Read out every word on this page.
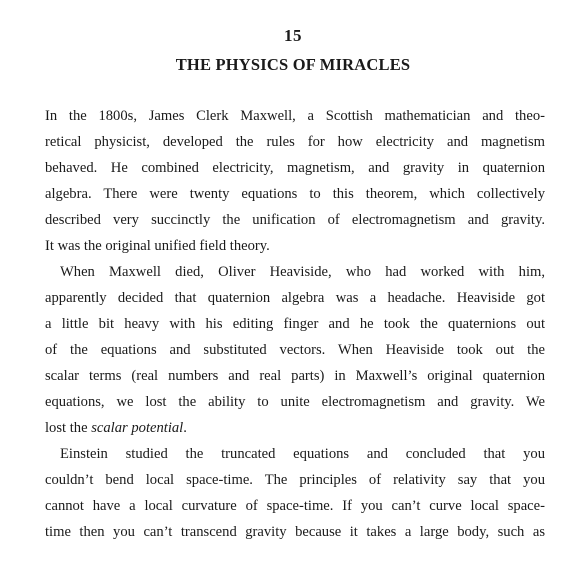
15
THE PHYSICS OF MIRACLES
In the 1800s, James Clerk Maxwell, a Scottish mathematician and theo-
retical physicist, developed the rules for how electricity and magnetism
behaved. He combined electricity, magnetism, and gravity in quaternion
algebra. There were twenty equations to this theorem, which collectively
described very succinctly the unification of electromagnetism and gravity.
It was the original unified field theory.
When Maxwell died, Oliver Heaviside, who had worked with him,
apparently decided that quaternion algebra was a headache. Heaviside got
a little bit heavy with his editing finger and he took the quaternions out
of the equations and substituted vectors. When Heaviside took out the
scalar terms (real numbers and real parts) in Maxwell’s original quaternion
equations, we lost the ability to unite electromagnetism and gravity. We
lost the scalar potential.
Einstein studied the truncated equations and concluded that you
couldn’t bend local space-time. The principles of relativity say that you
cannot have a local curvature of space-time. If you can’t curve local space-
time then you can’t transcend gravity because it takes a large body, such as
